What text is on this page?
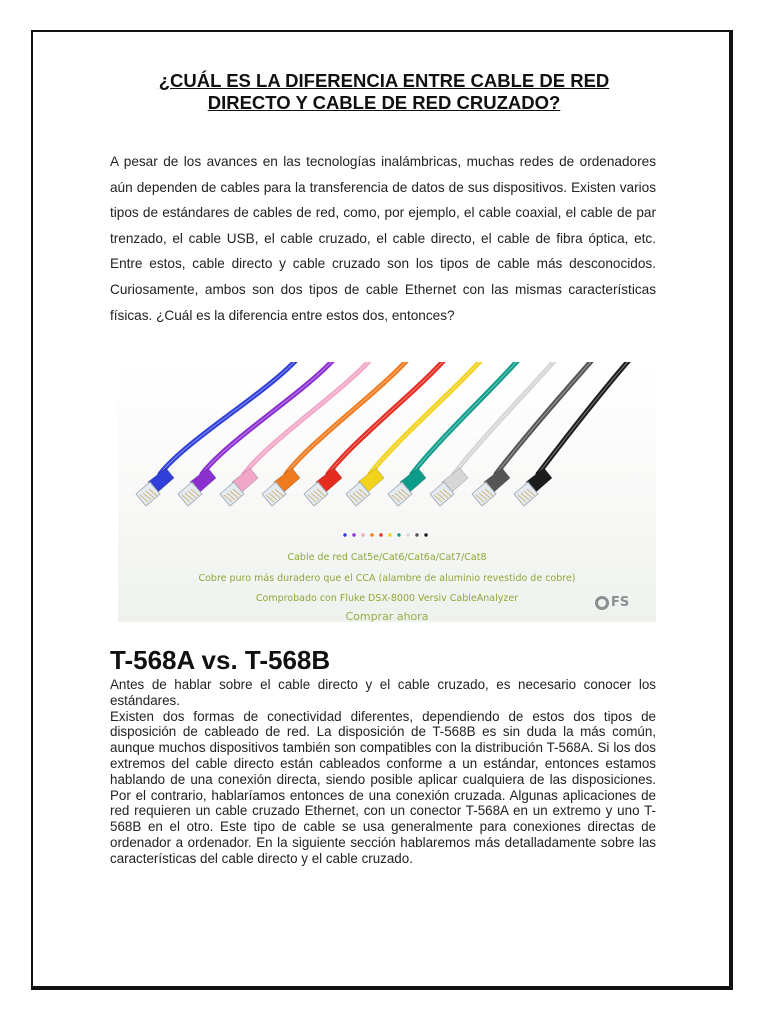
¿CUÁL ES LA DIFERENCIA ENTRE CABLE DE RED
DIRECTO Y CABLE DE RED CRUZADO?

A pesar de los avances en las tecnologías inalámbricas, muchas redes de ordenadores aún dependen de cables para la transferencia de datos de sus dispositivos. Existen varios tipos de estándares de cables de red, como, por ejemplo, el cable coaxial, el cable de par trenzado, el cable USB, el cable cruzado, el cable directo, el cable de fibra óptica, etc. Entre estos, cable directo y cable cruzado son los tipos de cable más desconocidos. Curiosamente, ambos son dos tipos de cable Ethernet con las mismas características físicas. ¿Cuál es la diferencia entre estos dos, entonces?

Cable de red Cat5e/Cat6/Cat6a/Cat7/Cat8
Cobre puro más duradero que el CCA (alambre de aluminio revestido de cobre)
Comprobado con Fluke DSX-8000 Versiv CableAnalyzer
Comprar ahora
FS
T-568A vs. T-568B

Antes de hablar sobre el cable directo y el cable cruzado, es necesario conocer los estándares.

Existen dos formas de conectividad diferentes, dependiendo de estos dos tipos de disposición de cableado de red. La disposición de T-568B es sin duda la más común, aunque muchos dispositivos también son compatibles con la distribución T-568A. Si los dos extremos del cable directo están cableados conforme a un estándar, entonces estamos hablando de una conexión directa, siendo posible aplicar cualquiera de las disposiciones. Por el contrario, hablaríamos entonces de una conexión cruzada. Algunas aplicaciones de red requieren un cable cruzado Ethernet, con un conector T-568A en un extremo y uno T-568B en el otro. Este tipo de cable se usa generalmente para conexiones directas de ordenador a ordenador. En la siguiente sección hablaremos más detalladamente sobre las características del cable directo y el cable cruzado.
